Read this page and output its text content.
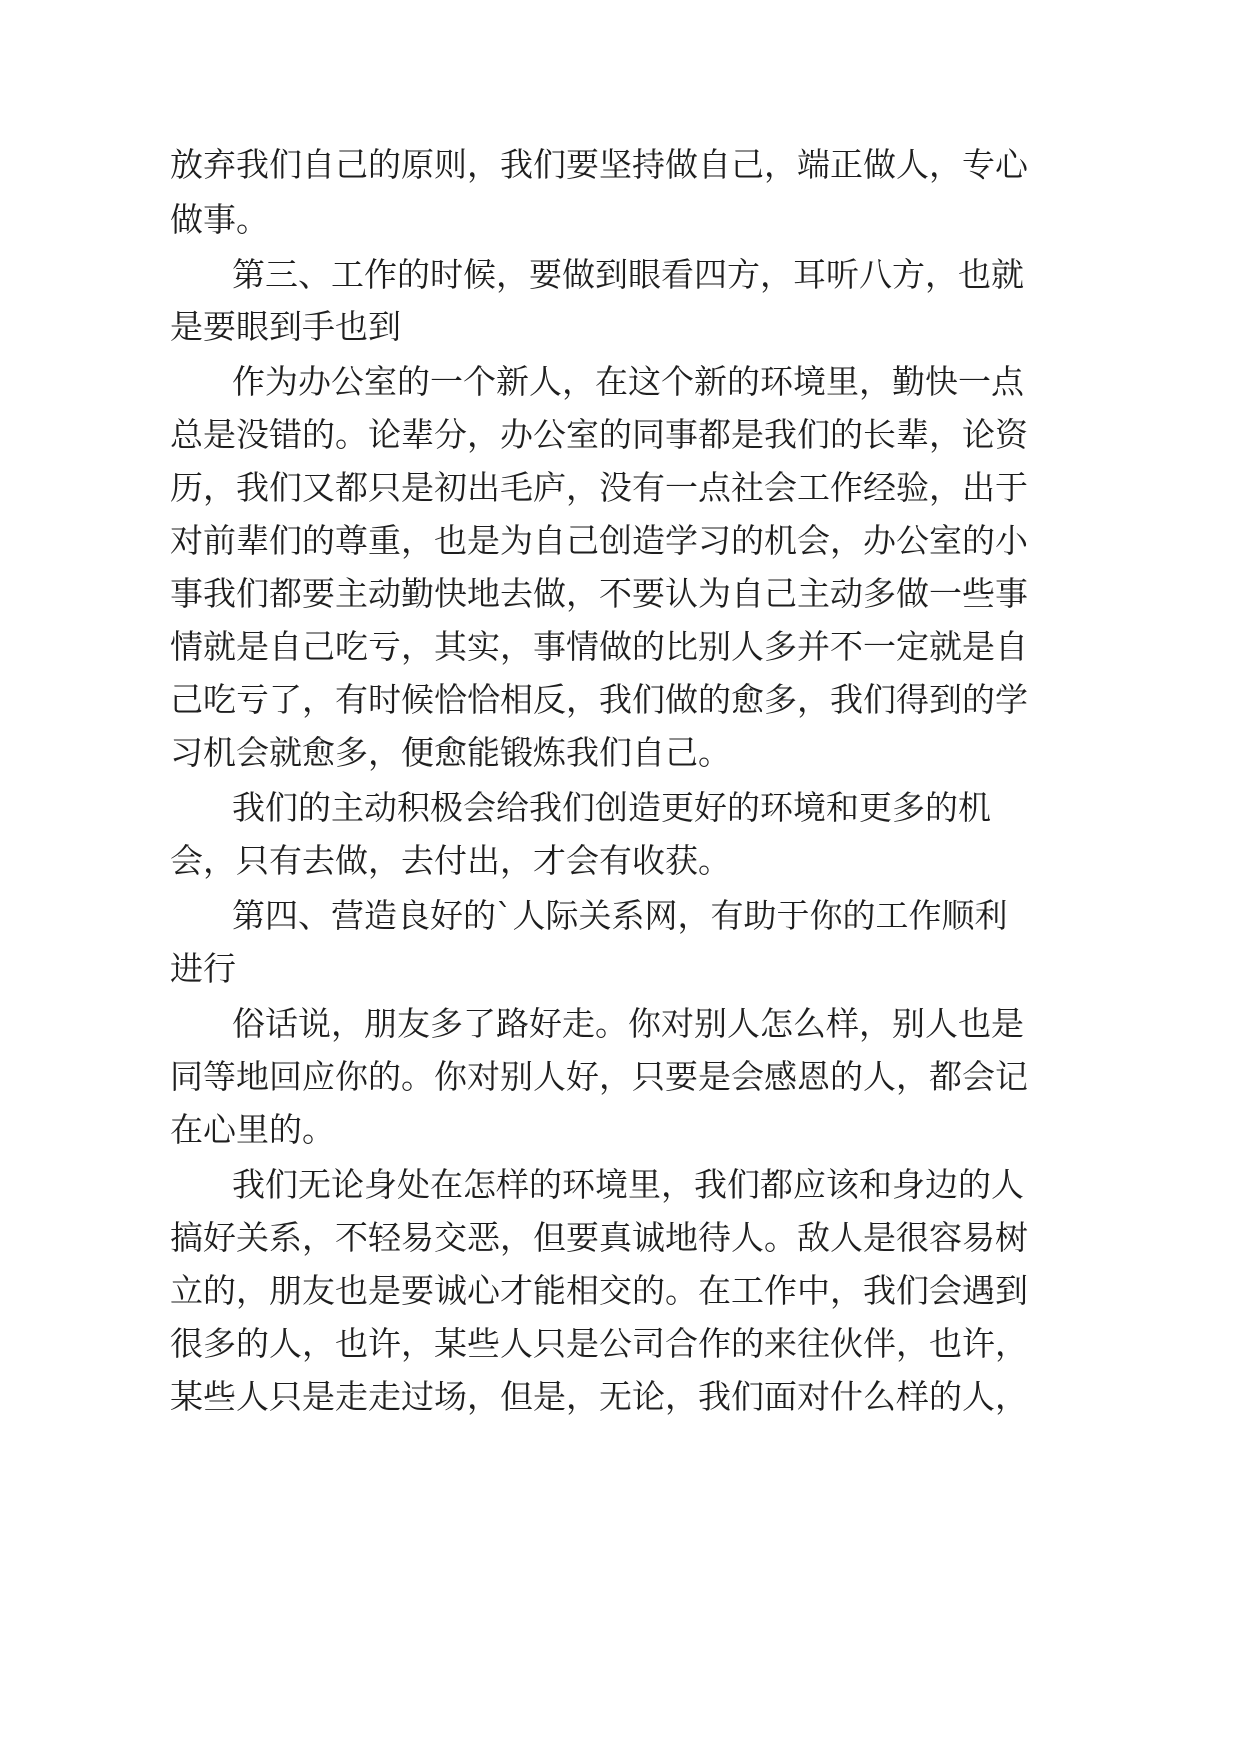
放弃我们自己的原则，我们要坚持做自己，端正做人，专心
做事。
第三、工作的时候，要做到眼看四方，耳听八方，也就
是要眼到手也到
作为办公室的一个新人，在这个新的环境里，勤快一点
总是没错的。论辈分，办公室的同事都是我们的长辈，论资
历，我们又都只是初出毛庐，没有一点社会工作经验，出于
对前辈们的尊重，也是为自己创造学习的机会，办公室的小
事我们都要主动勤快地去做，不要认为自己主动多做一些事
情就是自己吃亏，其实，事情做的比别人多并不一定就是自
己吃亏了，有时候恰恰相反，我们做的愈多，我们得到的学
习机会就愈多，便愈能锻炼我们自己。
我们的主动积极会给我们创造更好的环境和更多的机
会，只有去做，去付出，才会有收获。
第四、营造良好的`人际关系网，有助于你的工作顺利
进行
俗话说，朋友多了路好走。你对别人怎么样，别人也是
同等地回应你的。你对别人好，只要是会感恩的人，都会记
在心里的。
我们无论身处在怎样的环境里，我们都应该和身边的人
搞好关系，不轻易交恶，但要真诚地待人。敌人是很容易树
立的，朋友也是要诚心才能相交的。在工作中，我们会遇到
很多的人，也许，某些人只是公司合作的来往伙伴，也许，
某些人只是走走过场，但是，无论，我们面对什么样的人，
